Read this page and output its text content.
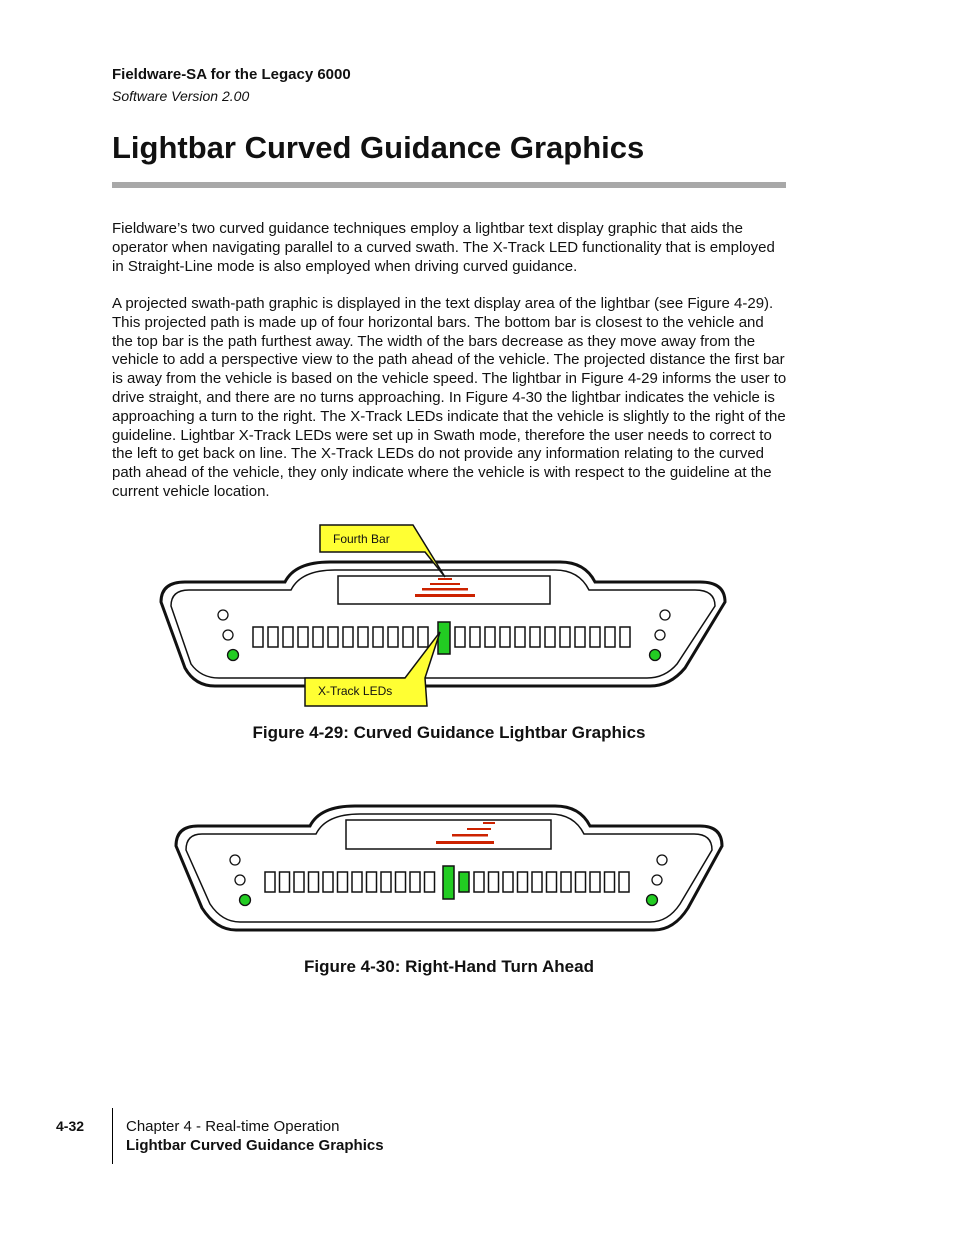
Fieldware-SA for the Legacy 6000
Software Version 2.00
Lightbar Curved Guidance Graphics

Fieldware’s two curved guidance techniques employ a lightbar text display graphic that aids the operator when navigating parallel to a curved swath. The X-Track LED functionality that is employed in Straight-Line mode is also employed when driving curved guidance.

A projected swath-path graphic is displayed in the text display area of the lightbar (see Figure 4-29). This projected path is made up of four horizontal bars. The bottom bar is closest to the vehicle and the top bar is the path furthest away. The width of the bars decrease as they move away from the vehicle to add a perspective view to the path ahead of the vehicle. The projected distance the first bar is away from the vehicle is based on the vehicle speed. The lightbar in Figure 4-29 informs the user to drive straight, and there are no turns approaching. In Figure 4-30 the lightbar indicates the vehicle is approaching a turn to the right. The X-Track LEDs indicate that the vehicle is slightly to the right of the guideline. Lightbar X-Track LEDs were set up in Swath mode, therefore the user needs to correct to the left to get back on line. The X-Track LEDs do not provide any information relating to the curved path ahead of the vehicle, they only indicate where the vehicle is with respect to the guideline at the current vehicle location.

Fourth Bar
X-Track LEDs
Figure 4-29: Curved Guidance Lightbar Graphics
Figure 4-30: Right-Hand Turn Ahead
4-32	Chapter 4 - Real-time Operation
Lightbar Curved Guidance Graphics
